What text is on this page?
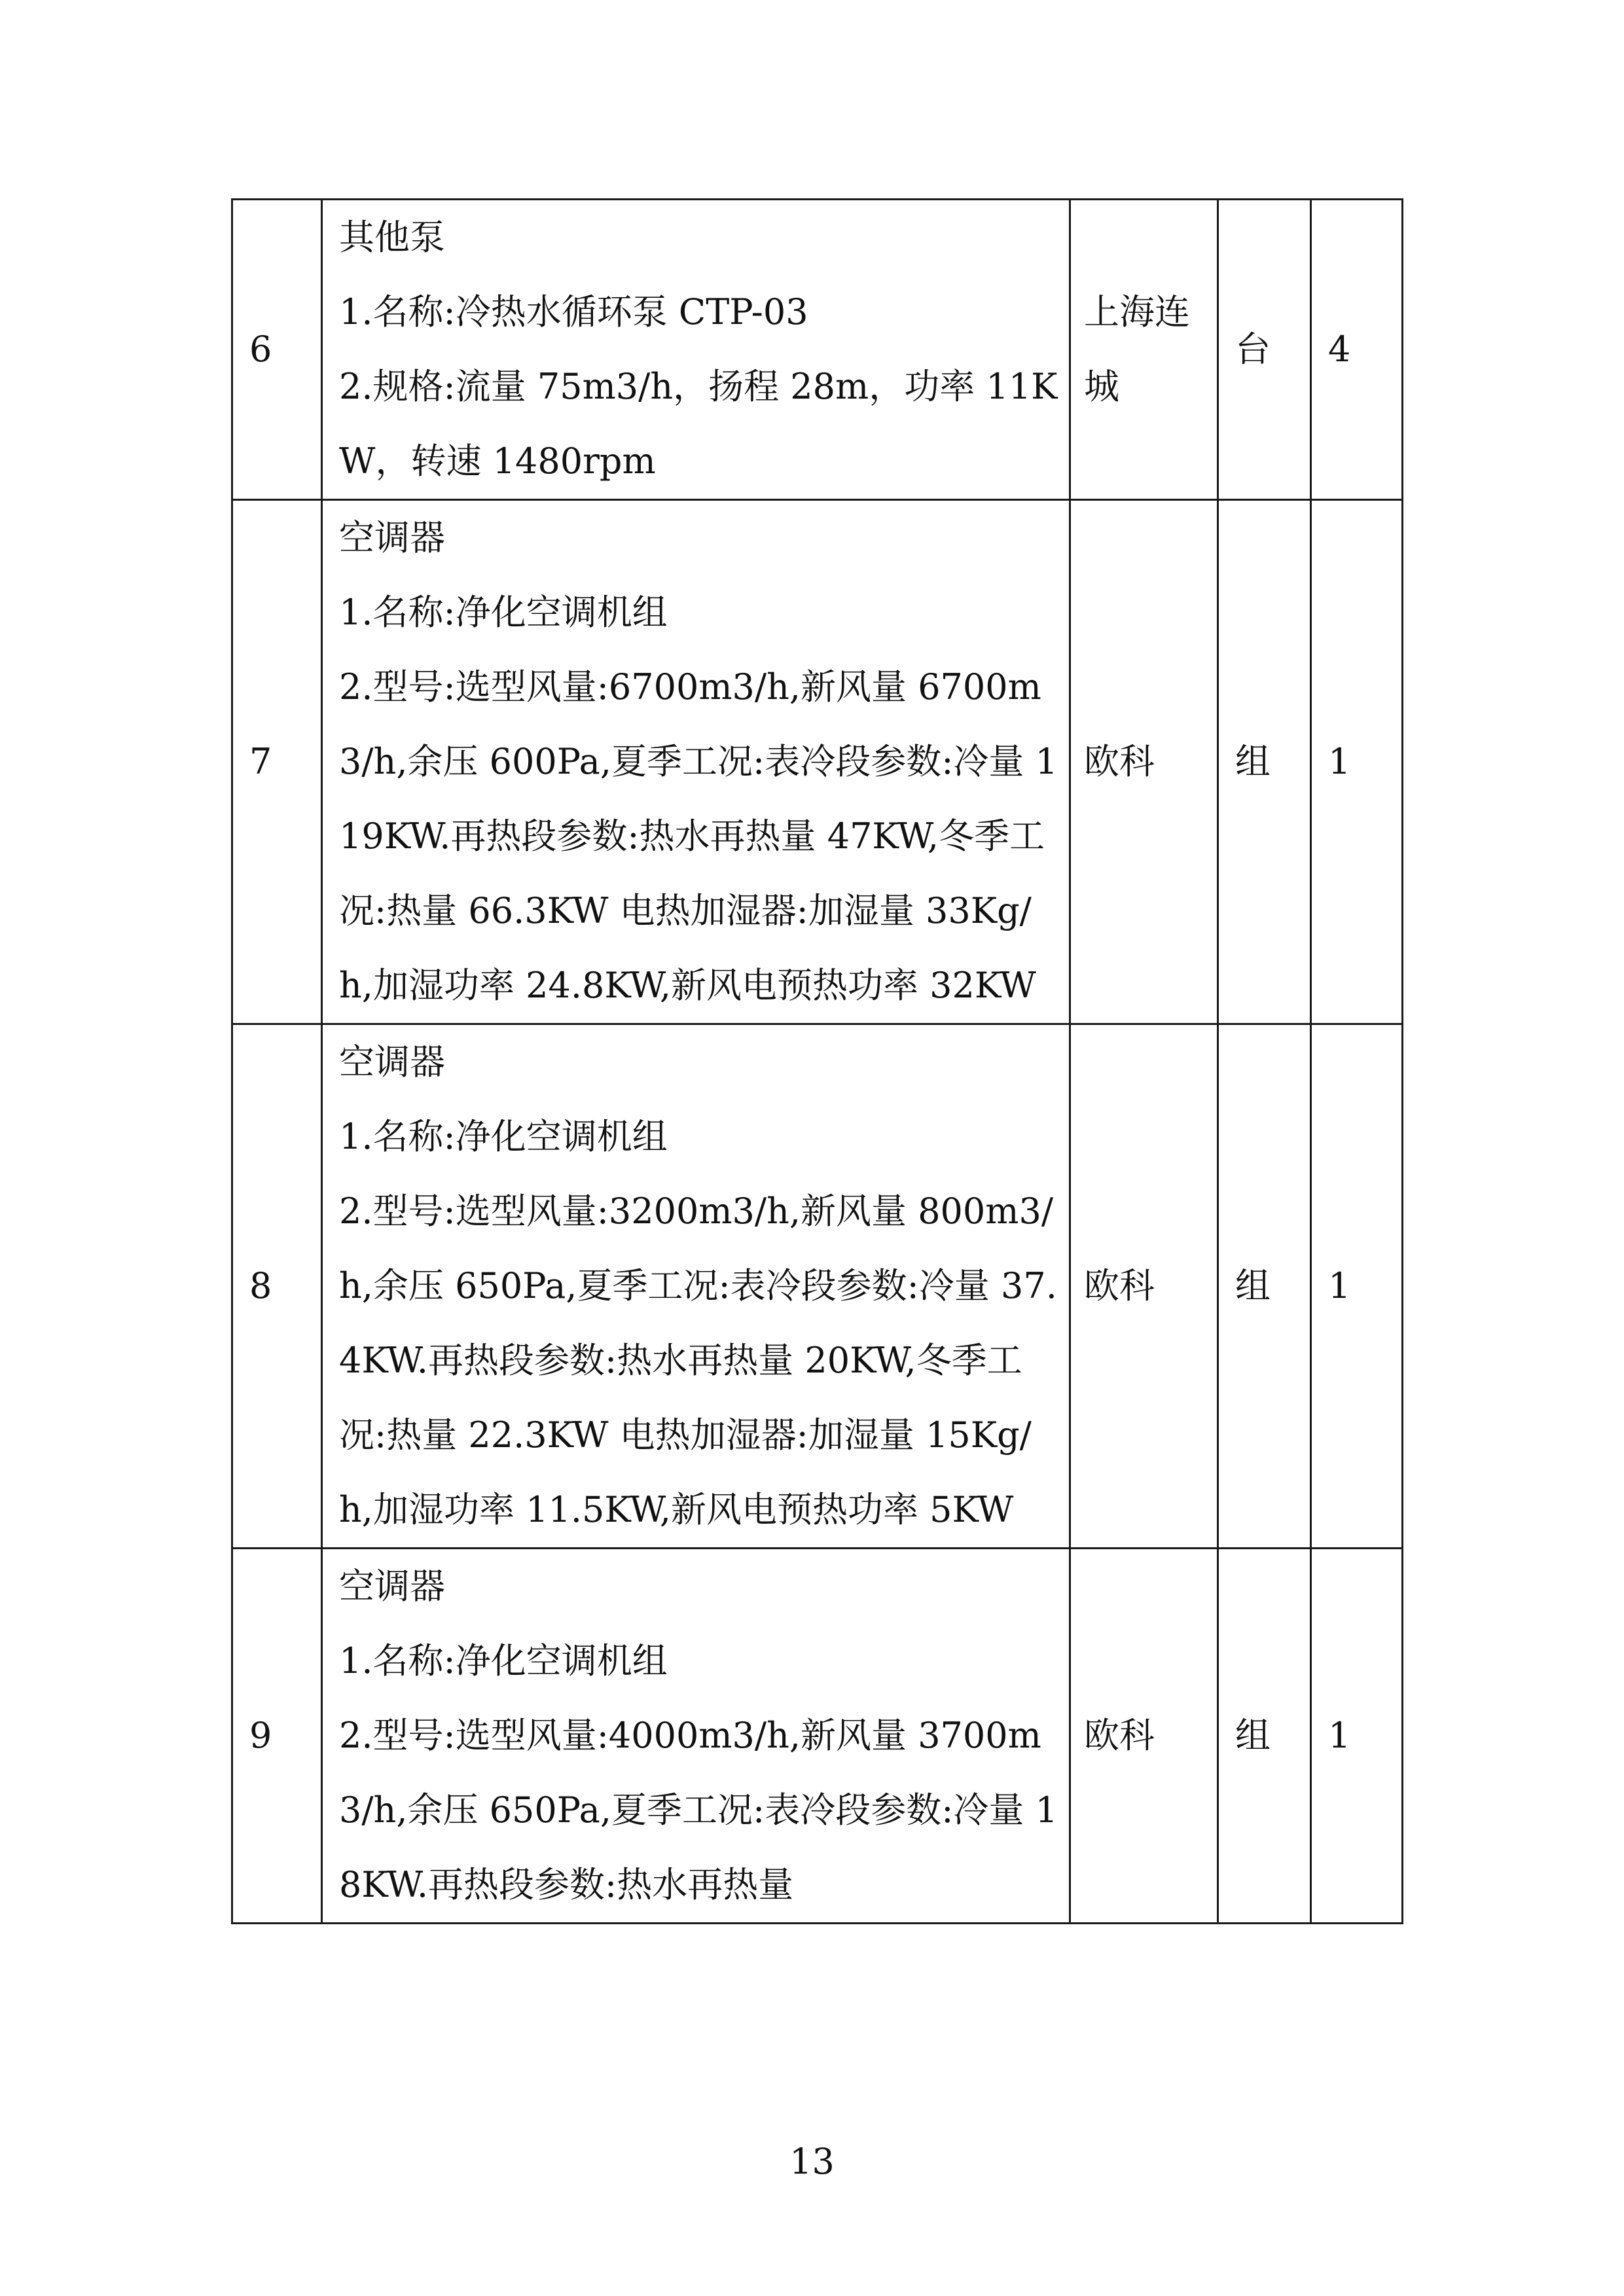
6	其他泵
1.名称:冷热水循环泵 CTP-03
2.规格:流量 75m3/h，扬程 28m，功率 11KW，转速 1480rpm	上海连
城	台	4
7	空调器
1.名称:净化空调机组
2.型号:选型风量:6700m3/h,新风量 6700m3/h,余压 600Pa,夏季工况:表冷段参数:冷量 119KW.再热段参数:热水再热量 47KW,冬季工况:热量 66.3KW 电热加湿器:加湿量 33Kg/h,加湿功率 24.8KW,新风电预热功率 32KW	欧科	组	1
8	空调器
1.名称:净化空调机组
2.型号:选型风量:3200m3/h,新风量 800m3/h,余压 650Pa,夏季工况:表冷段参数:冷量 37.4KW.再热段参数:热水再热量 20KW,冬季工况:热量 22.3KW 电热加湿器:加湿量 15Kg/h,加湿功率 11.5KW,新风电预热功率 5KW	欧科	组	1
9	空调器
1.名称:净化空调机组
2.型号:选型风量:4000m3/h,新风量 3700m3/h,余压 650Pa,夏季工况:表冷段参数:冷量 18KW.再热段参数:热水再热量	欧科	组	1
13
